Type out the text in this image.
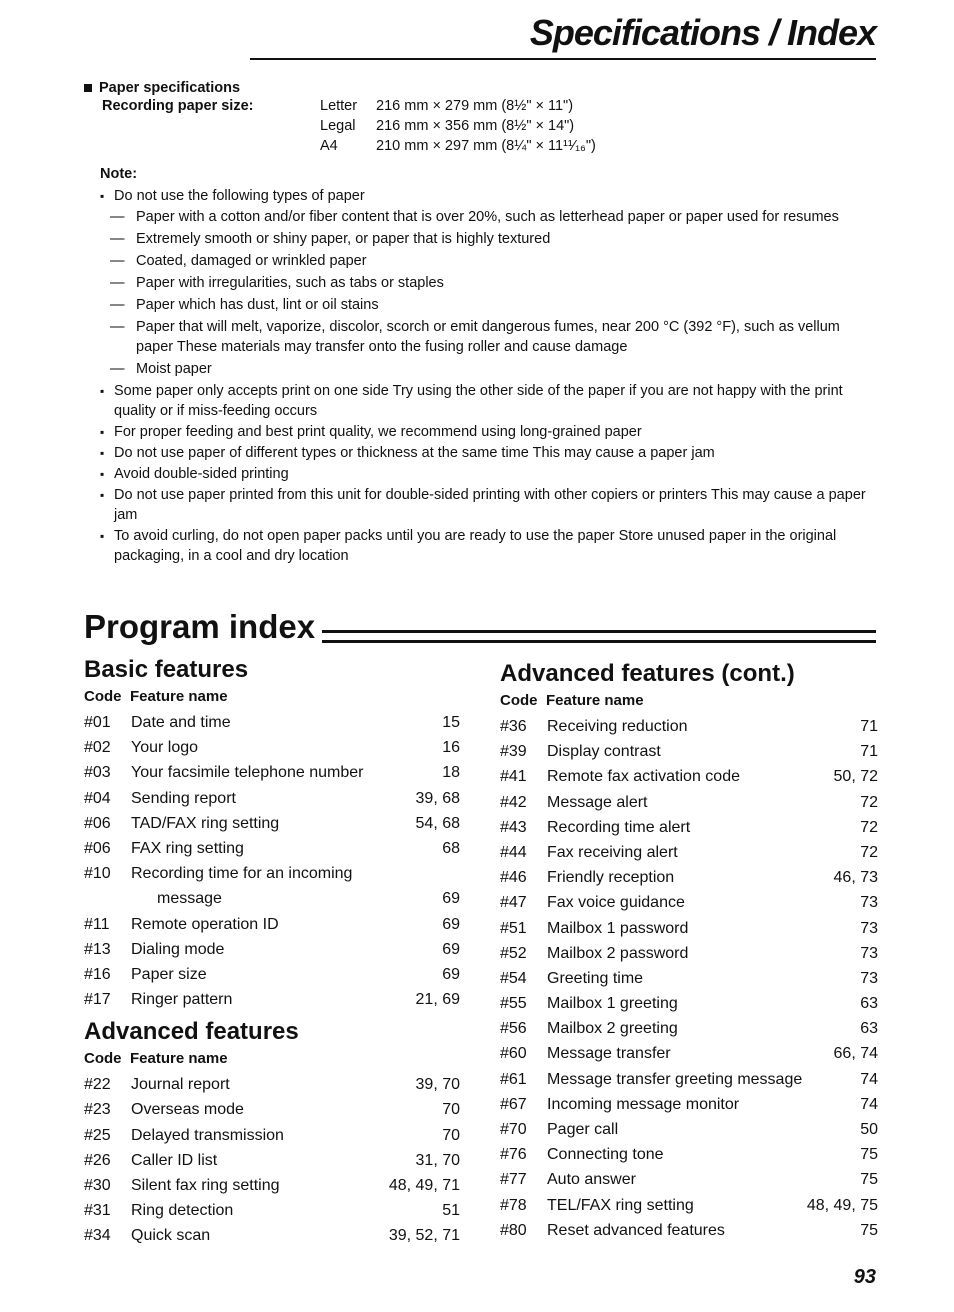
Specifications / Index
Paper specifications
Recording paper size:	Letter 216 mm × 279 mm (8½" × 11")
Legal 216 mm × 356 mm (8½" × 14")
A4	210 mm × 297 mm (8¼" × 11¹¹⁄₁₆")
Note:
▪ Do not use the following types of paper
— Paper with a cotton and/or fiber content that is over 20%, such as letterhead paper or paper used for resumes
— Extremely smooth or shiny paper, or paper that is highly textured
— Coated, damaged or wrinkled paper
— Paper with irregularities, such as tabs or staples
— Paper which has dust, lint or oil stains
— Paper that will melt, vaporize, discolor, scorch or emit dangerous fumes, near 200 °C (392 °F), such as vellum paper These materials may transfer onto the fusing roller and cause damage
— Moist paper
▪ Some paper only accepts print on one side Try using the other side of the paper if you are not happy with the print quality or if miss-feeding occurs
▪ For proper feeding and best print quality, we recommend using long-grained paper
▪ Do not use paper of different types or thickness at the same time This may cause a paper jam
▪ Avoid double-sided printing
▪ Do not use paper printed from this unit for double-sided printing with other copiers or printers This may cause a paper jam
▪ To avoid curling, do not open paper packs until you are ready to use the paper Store unused paper in the original packaging, in a cool and dry location
Program index
Basic features
Code Feature name
#01	Date and time	15
#02	Your logo	16
#03	Your facsimile telephone number	18
#04	Sending report	39, 68
#06	TAD/FAX ring setting	54, 68
#06	FAX ring setting	68
#10	Recording time for an incoming
message	69
#11	Remote operation ID	69
#13	Dialing mode	69
#16	Paper size	69
#17	Ringer pattern	21, 69
Advanced features
Code Feature name
#22	Journal report	39, 70
#23	Overseas mode	70
#25	Delayed transmission	70
#26	Caller ID list	31, 70
#30	Silent fax ring setting	48, 49, 71
#31	Ring detection	51
#34	Quick scan	39, 52, 71
Advanced features (cont.)
Code Feature name
#36	Receiving reduction	71
#39	Display contrast	71
#41	Remote fax activation code	50, 72
#42	Message alert	72
#43	Recording time alert	72
#44	Fax receiving alert	72
#46	Friendly reception	46, 73
#47	Fax voice guidance	73
#51	Mailbox 1 password	73
#52	Mailbox 2 password	73
#54	Greeting time	73
#55	Mailbox 1 greeting	63
#56	Mailbox 2 greeting	63
#60	Message transfer	66, 74
#61	Message transfer greeting message	74
#67	Incoming message monitor	74
#70	Pager call	50
#76	Connecting tone	75
#77	Auto answer	75
#78	TEL/FAX ring setting	48, 49, 75
#80	Reset advanced features	75
93
